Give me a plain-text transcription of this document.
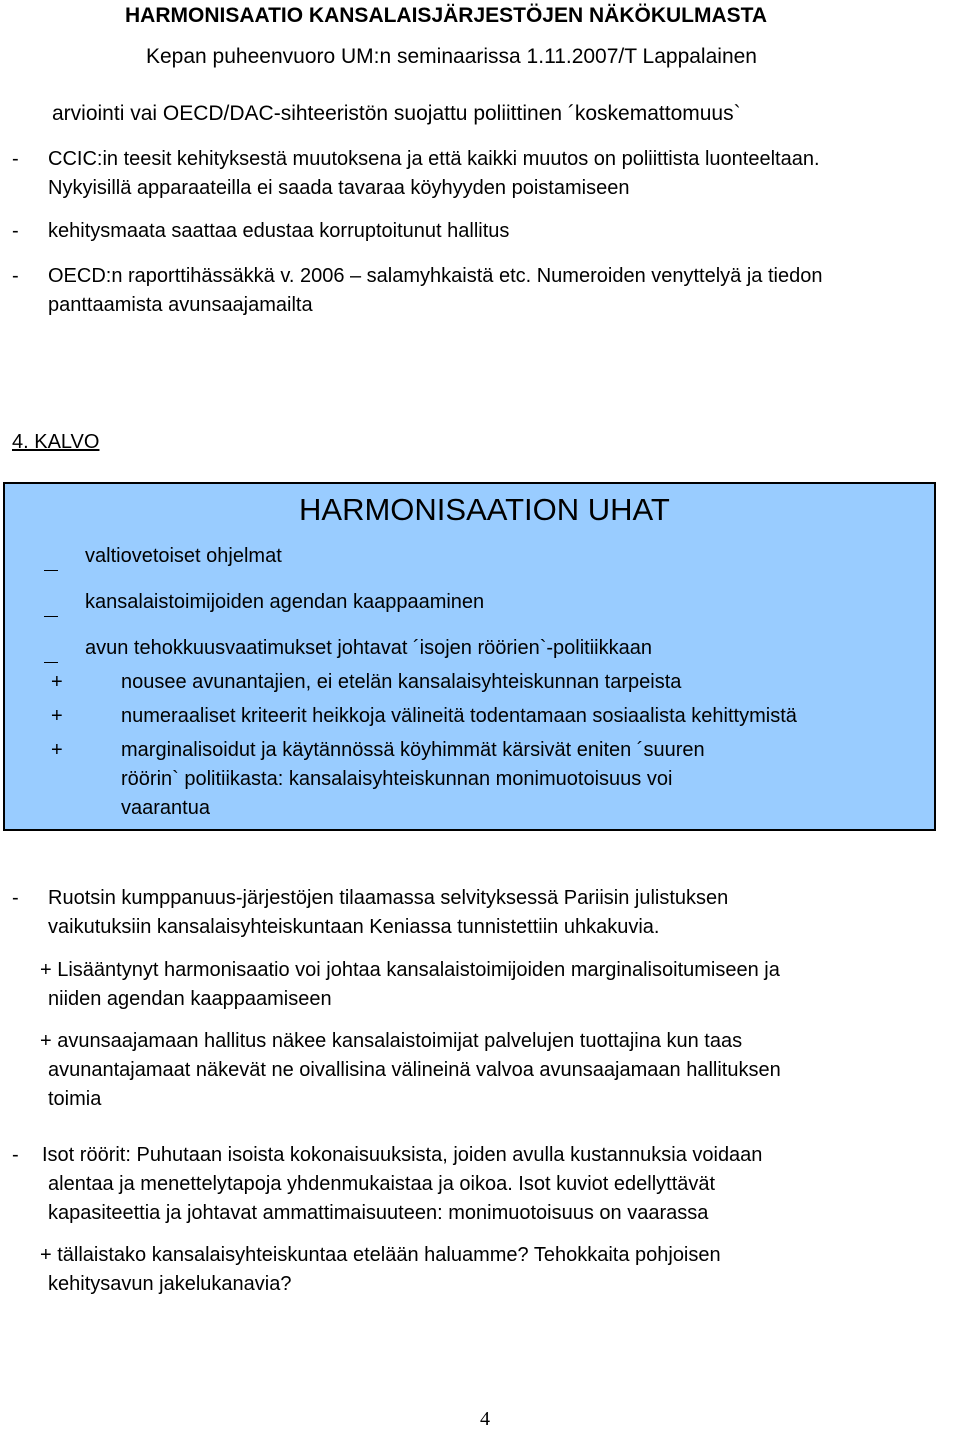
HARMONISAATIO KANSALAISJÄRJESTÖJEN NÄKÖKULMASTA
Kepan puheenvuoro UM:n seminaarissa 1.11.2007/T Lappalainen
arviointi vai OECD/DAC-sihteeristön suojattu poliittinen ´koskemattomuus`
- CCIC:in teesit kehityksestä muutoksena ja että kaikki muutos on poliittista luonteeltaan.
Nykyisillä apparaateilla ei saada tavaraa köyhyyden poistamiseen
- kehitysmaata saattaa edustaa korruptoitunut hallitus
- OECD:n raporttihässäkkä v. 2006 – salamyhkaistä etc. Numeroiden venyttelyä ja tiedon
panttaamista avunsaajamailta
4. KALVO
HARMONISAATION UHAT
valtiovetoiset ohjelmat
kansalaistoimijoiden agendan kaappaaminen
avun tehokkuusvaatimukset johtavat ´isojen röörien`-politiikkaan
+	nousee avunantajien, ei etelän kansalaisyhteiskunnan tarpeista
+	numeraaliset kriteerit heikkoja välineitä todentamaan sosiaalista kehittymistä
+	marginalisoidut ja käytännössä köyhimmät kärsivät eniten ´suuren
röörin` politiikasta: kansalaisyhteiskunnan monimuotoisuus voi
vaarantua
- Ruotsin kumppanuus-järjestöjen tilaamassa selvityksessä Pariisin julistuksen
vaikutuksiin kansalaisyhteiskuntaan Keniassa tunnistettiin uhkakuvia.
+ Lisääntynyt harmonisaatio voi johtaa kansalaistoimijoiden marginalisoitumiseen ja
niiden agendan kaappaamiseen
+ avunsaajamaan hallitus näkee kansalaistoimijat palvelujen tuottajina kun taas
avunantajamaat näkevät ne oivallisina välineinä valvoa avunsaajamaan hallituksen
toimia
- Isot röörit: Puhutaan isoista kokonaisuuksista, joiden avulla kustannuksia voidaan
alentaa ja menettelytapoja yhdenmukaistaa ja oikoa. Isot kuviot edellyttävät
kapasiteettia ja johtavat ammattimaisuuteen: monimuotoisuus on vaarassa
+ tällaistako kansalaisyhteiskuntaa etelään haluamme? Tehokkaita pohjoisen
kehitysavun jakelukanavia?
4
